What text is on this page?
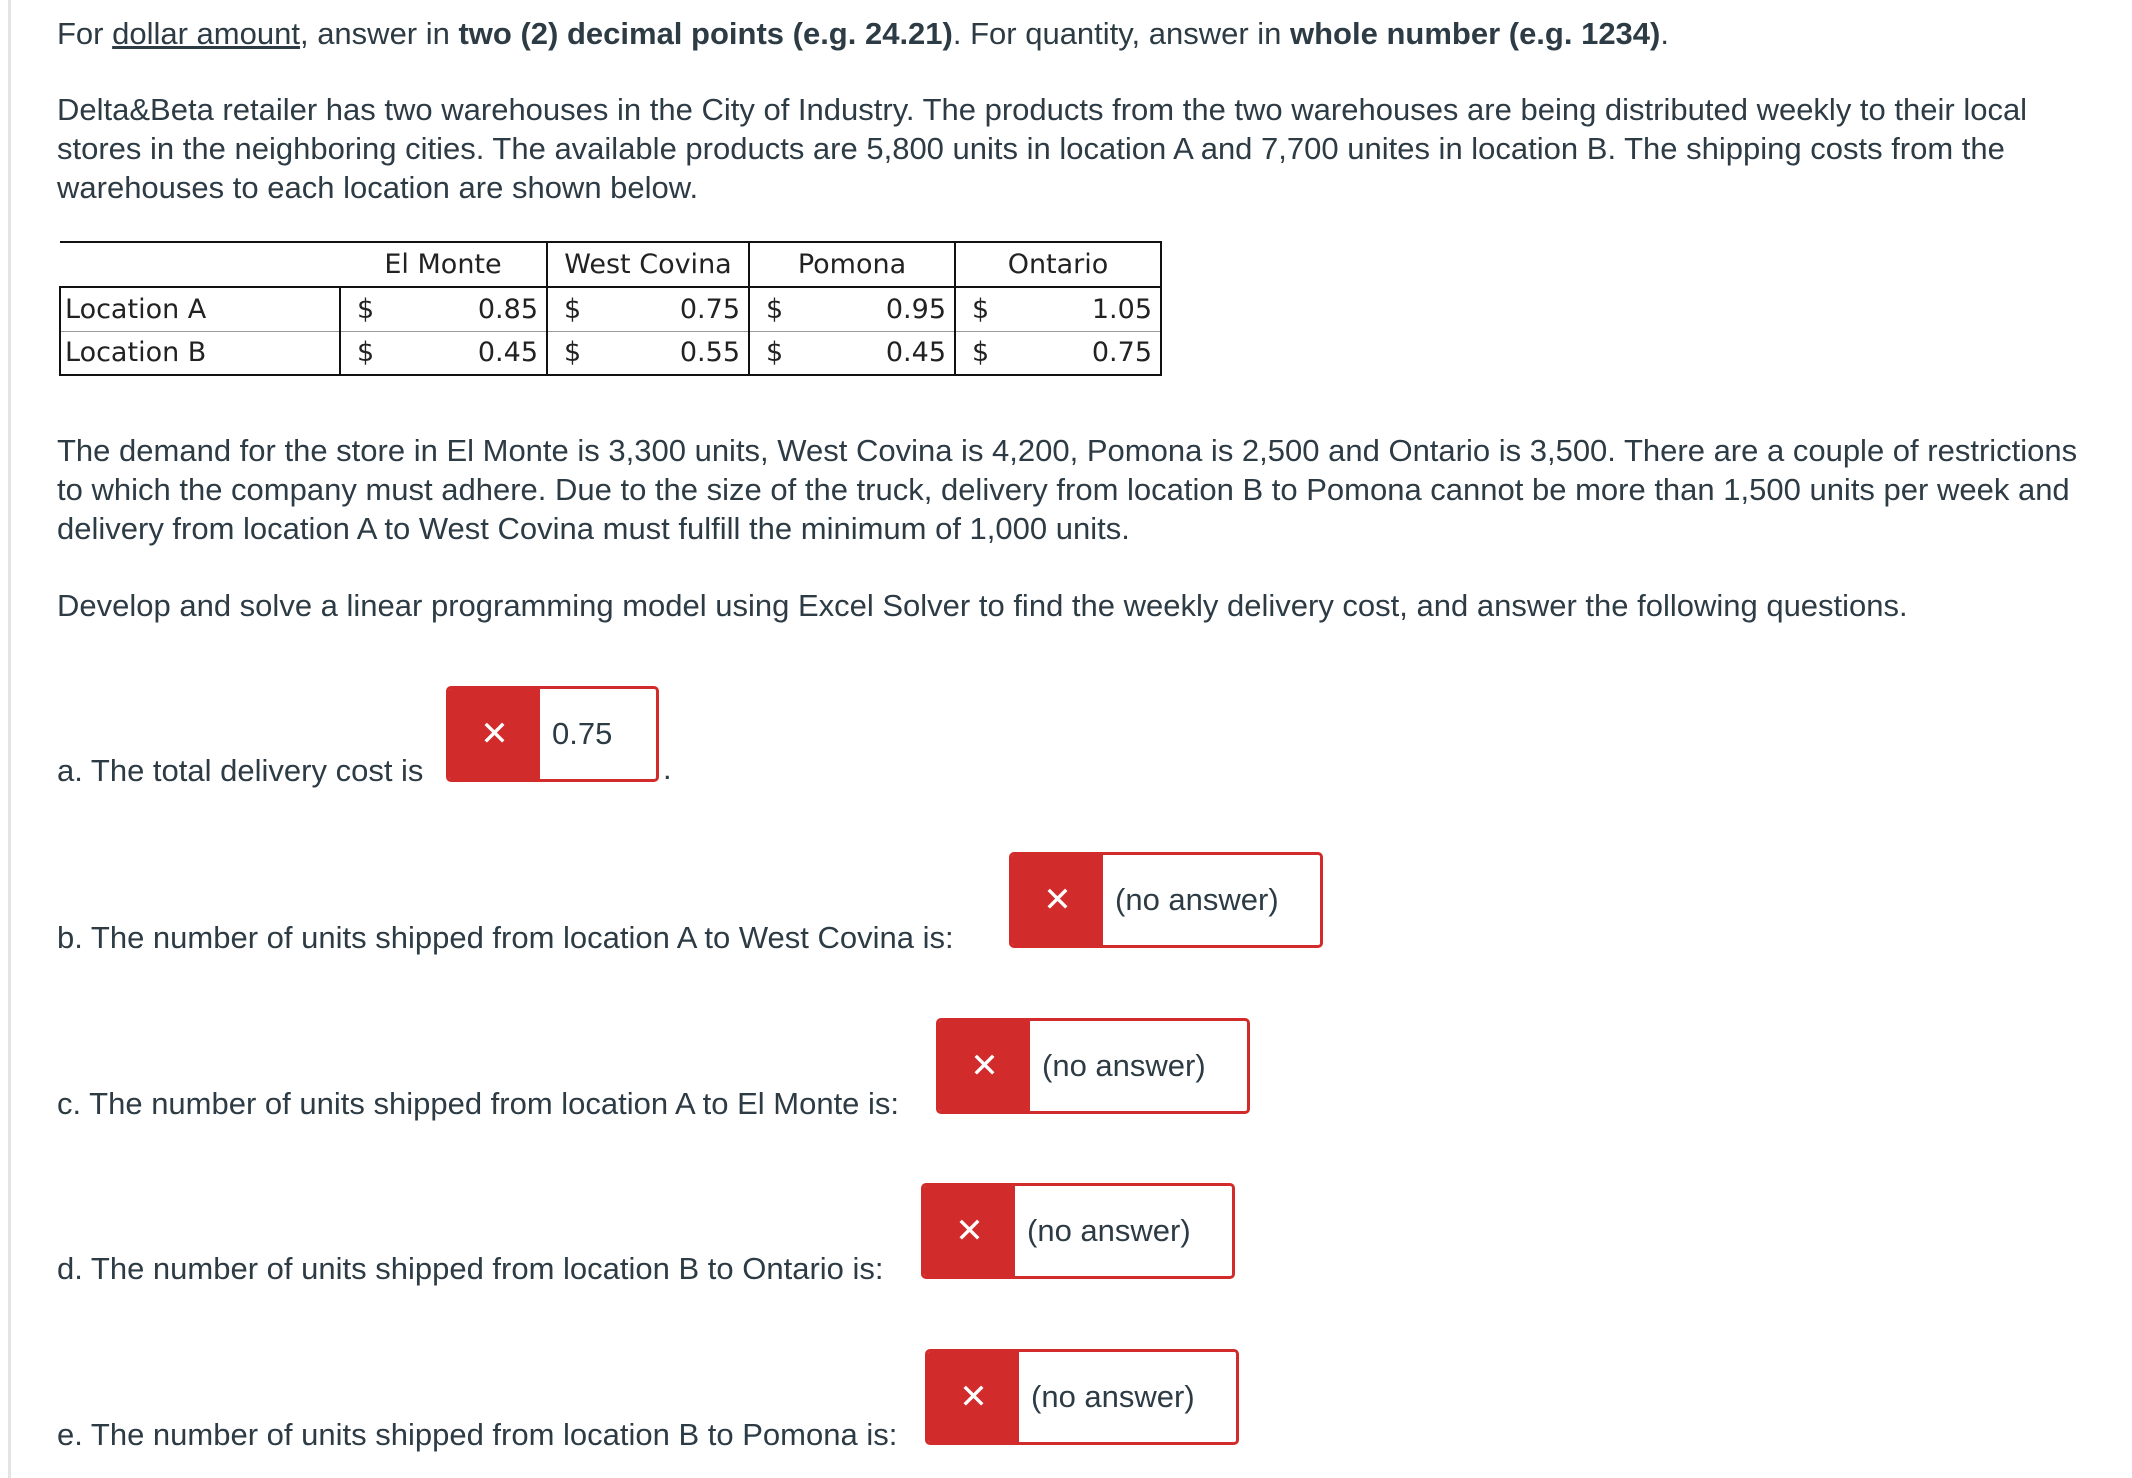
For dollar amount, answer in two (2) decimal points (e.g. 24.21). For quantity, answer in whole number (e.g. 1234).

Delta&Beta retailer has two warehouses in the City of Industry. The products from the two warehouses are being distributed weekly to their local stores in the neighboring cities. The available products are 5,800 units in location A and 7,700 unites in location B. The shipping costs from the warehouses to each location are shown below.

	El Monte		West Covina		Pomona		Ontario	
Location A	$	0.85	$	0.75	$	0.95	$	1.05
Location B	$	0.45	$	0.55	$	0.45	$	0.75

The demand for the store in El Monte is 3,300 units, West Covina is 4,200, Pomona is 2,500 and Ontario is 3,500. There are a couple of restrictions to which the company must adhere. Due to the size of the truck, delivery from location B to Pomona cannot be more than 1,500 units per week and delivery from location A to West Covina must fulfill the minimum of 1,000 units.

Develop and solve a linear programming model using Excel Solver to find the weekly delivery cost, and answer the following questions.

a. The total delivery cost is
✕	0.75
.
b. The number of units shipped from location A to West Covina is:
✕	(no answer)
c. The number of units shipped from location A to El Monte is:
✕	(no answer)
d. The number of units shipped from location B to Ontario is:
✕	(no answer)
e. The number of units shipped from location B to Pomona is:
✕	(no answer)
